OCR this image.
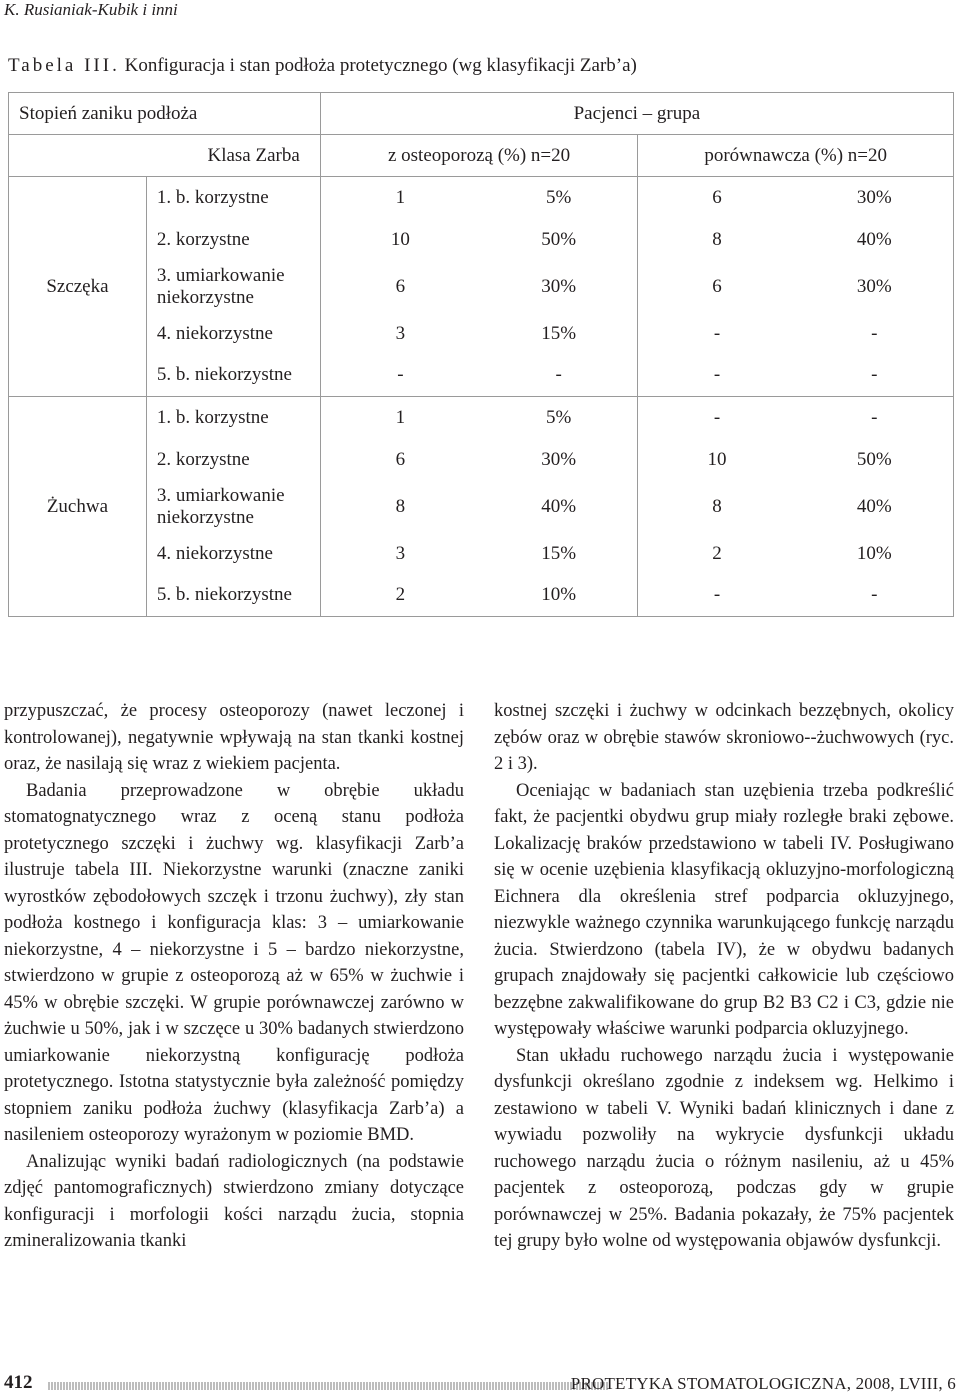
K. Rusianiak-Kubik i inni
Tabela III. Konfiguracja i stan podłoża protetycznego (wg klasyfikacji Zarb’a)
Stopień zaniku podłoża		Pacjenci – grupa			
Klasa Zarba		z osteoporozą (%) n=20		porównawcza (%) n=20	
Szczęka	1. b. korzystne	1	5%	6	30%
	2. korzystne	10	50%	8	40%
	3. umiarkowanie niekorzystne	6	30%	6	30%
	4. niekorzystne	3	15%	-	-
	5. b. niekorzystne	-	-	-	-
Żuchwa	1. b. korzystne	1	5%	-	-
	2. korzystne	6	30%	10	50%
	3. umiarkowanie niekorzystne	8	40%	8	40%
	4. niekorzystne	3	15%	2	10%
	5. b. niekorzystne	2	10%	-	-

przypuszczać, że procesy osteoporozy (nawet leczonej i kontrolowanej), negatywnie wpływają na stan tkanki kostnej oraz, że nasilają się wraz z wiekiem pacjenta.

Badania przeprowadzone w obrębie układu stomatognatycznego wraz z oceną stanu podłoża protetycznego szczęki i żuchwy wg. klasyfikacji Zarb’a ilustruje tabela III. Niekorzystne warunki (znaczne zaniki wyrostków zębodołowych szczęk i trzonu żuchwy), zły stan podłoża kostnego i konfiguracja klas: 3 – umiarkowanie niekorzystne, 4 – niekorzystne i 5 – bardzo niekorzystne, stwierdzono w grupie z osteoporozą aż w 65% w żuchwie i 45% w obrębie szczęki. W grupie porównawczej zarówno w żuchwie u 50%, jak i w szczęce u 30% badanych stwierdzono umiarkowanie niekorzystną konfigurację podłoża protetycznego. Istotna statystycznie była zależność pomiędzy stopniem zaniku podłoża żuchwy (klasyfikacja Zarb’a) a nasileniem osteoporozy wyrażonym w poziomie BMD.

Analizując wyniki badań radiologicznych (na podstawie zdjęć pantomograficznych) stwierdzono zmiany dotyczące konfiguracji i morfologii kości narządu żucia, stopnia zmineralizowania tkanki

kostnej szczęki i żuchwy w odcinkach bezzębnych, okolicy zębów oraz w obrębie stawów skroniowo--żuchwowych (ryc. 2 i 3).

Oceniając w badaniach stan uzębienia trzeba podkreślić fakt, że pacjentki obydwu grup miały rozległe braki zębowe. Lokalizację braków przedstawiono w tabeli IV. Posługiwano się w ocenie uzębienia klasyfikacją okluzyjno-morfologiczną Eichnera dla określenia stref podparcia okluzyjnego, niezwykle ważnego czynnika warunkującego funkcję narządu żucia. Stwierdzono (tabela IV), że w obydwu badanych grupach znajdowały się pacjentki całkowicie lub częściowo bezzębne zakwalifikowane do grup B2 B3 C2 i C3, gdzie nie występowały właściwe warunki podparcia okluzyjnego.

Stan układu ruchowego narządu żucia i występowanie dysfunkcji określano zgodnie z indeksem wg. Helkimo i zestawiono w tabeli V. Wyniki badań klinicznych i dane z wywiadu pozwoliły na wykrycie dysfunkcji układu ruchowego narządu żucia o różnym nasileniu, aż u 45% pacjentek z osteoporozą, podczas gdy w grupie porównawczej w 25%. Badania pokazały, że 75% pacjentek tej grupy było wolne od występowania objawów dysfunkcji.

412	PROTETYKA STOMATOLOGICZNA, 2008, LVIII, 6
